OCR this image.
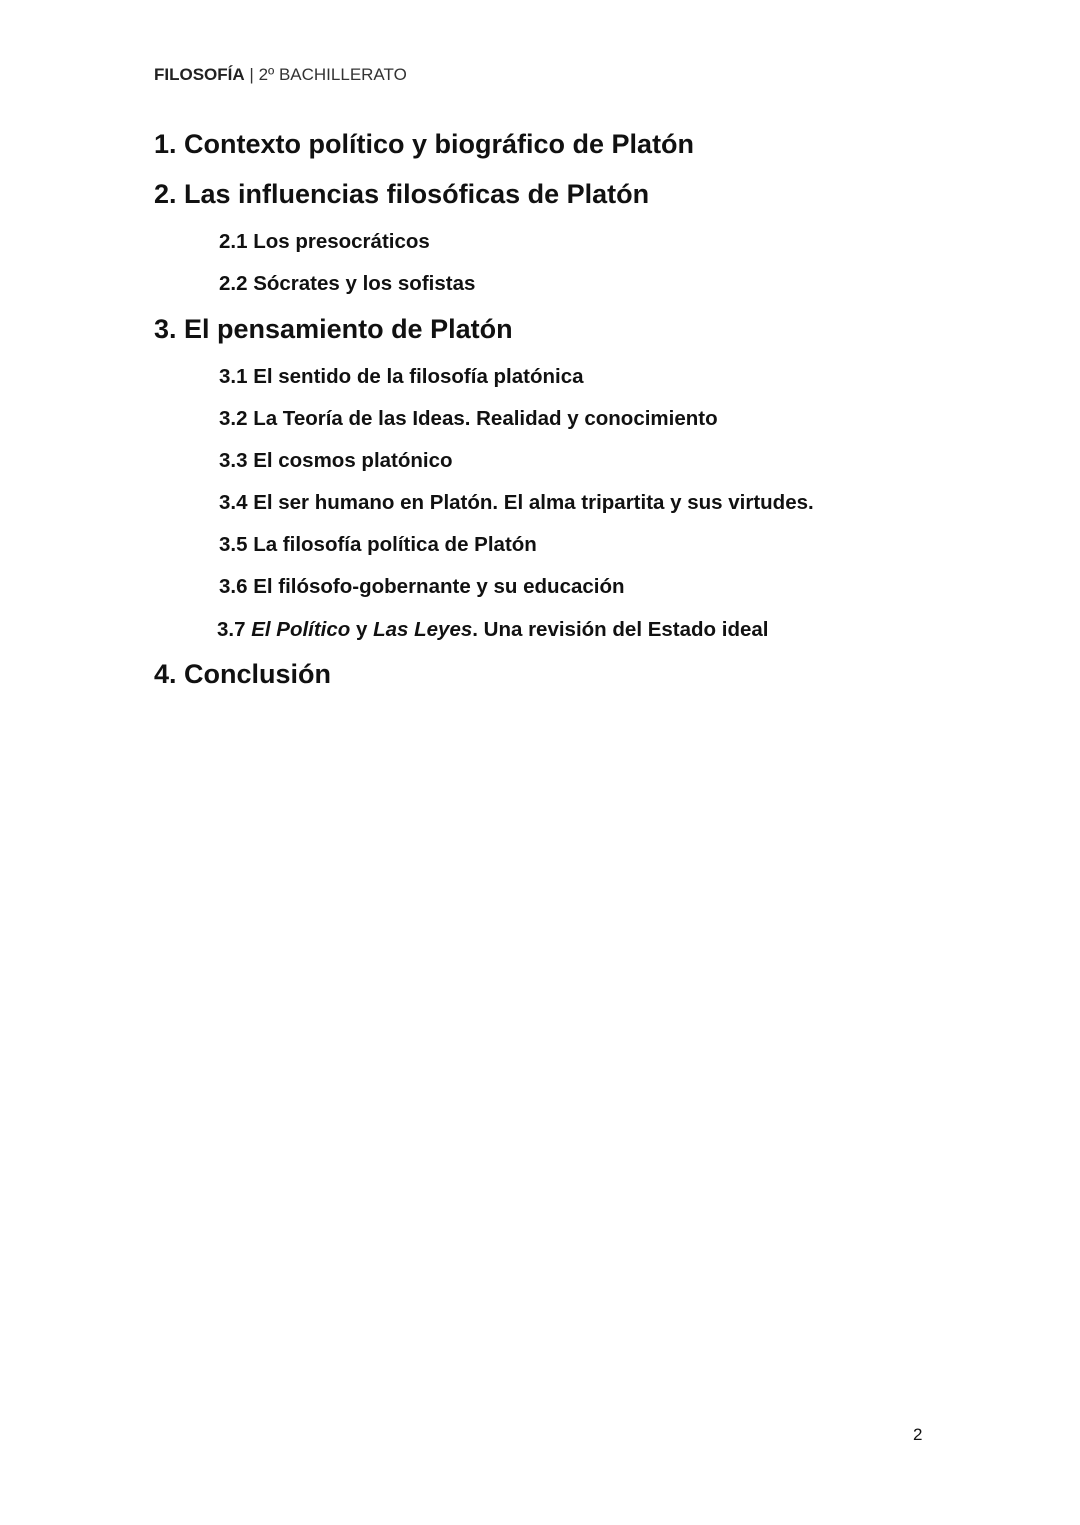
FILOSOFÍA | 2º BACHILLERATO
1. Contexto político y biográfico de Platón
2. Las influencias filosóficas de Platón
2.1 Los presocráticos
2.2 Sócrates y los sofistas
3. El pensamiento de Platón
3.1 El sentido de la filosofía platónica
3.2 La Teoría de las Ideas. Realidad y conocimiento
3.3 El cosmos platónico
3.4 El ser humano en Platón. El alma tripartita y sus virtudes.
3.5 La filosofía política de Platón
3.6 El filósofo-gobernante y su educación
3.7 El Político y Las Leyes. Una revisión del Estado ideal
4. Conclusión
2
